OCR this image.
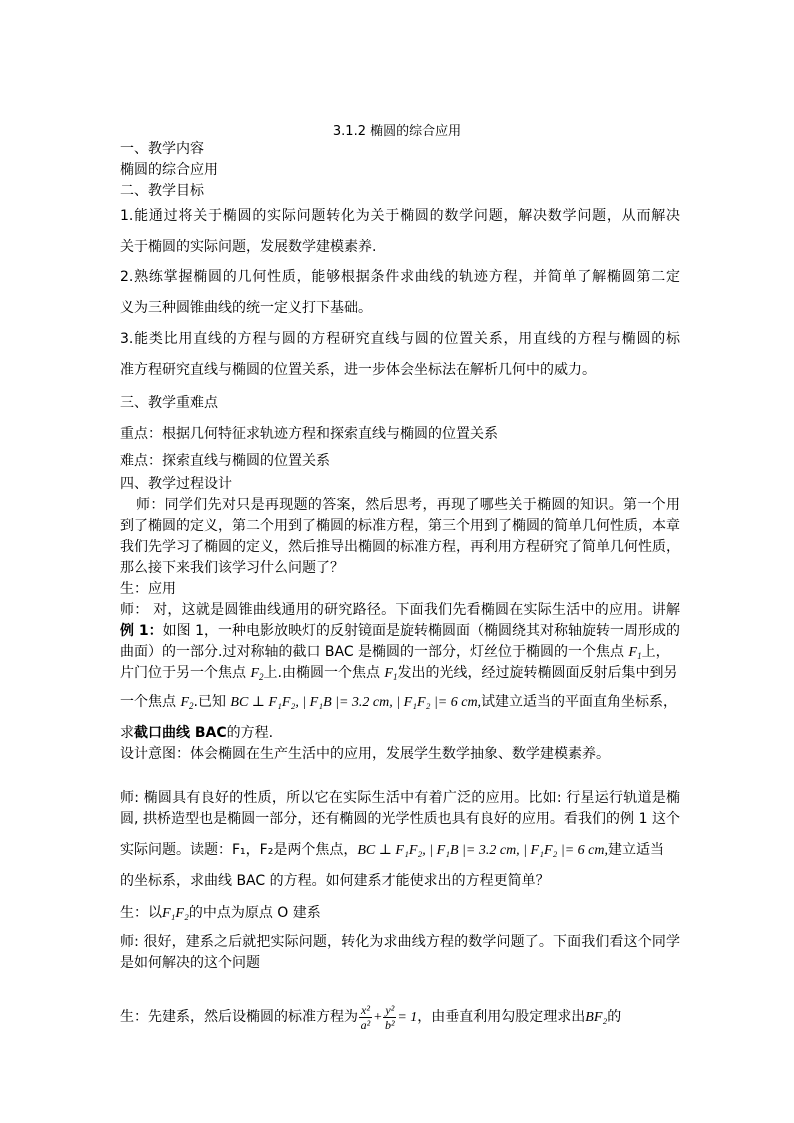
3.1.2 椭圆的综合应用
一、教学内容
椭圆的综合应用
二、教学目标
1.能通过将关于椭圆的实际问题转化为关于椭圆的数学问题，解决数学问题，从而解决
关于椭圆的实际问题，发展数学建模素养.
2.熟练掌握椭圆的几何性质，能够根据条件求曲线的轨迹方程，并简单了解椭圆第二定
义为三种圆锥曲线的统一定义打下基础。
3.能类比用直线的方程与圆的方程研究直线与圆的位置关系，用直线的方程与椭圆的标
准方程研究直线与椭圆的位置关系，进一步体会坐标法在解析几何中的威力。
三、教学重难点
重点：根据几何特征求轨迹方程和探索直线与椭圆的位置关系
难点：探索直线与椭圆的位置关系
四、教学过程设计
师：同学们先对只是再现题的答案，然后思考，再现了哪些关于椭圆的知识。第一个用
到了椭圆的定义，第二个用到了椭圆的标准方程，第三个用到了椭圆的简单几何性质，本章
我们先学习了椭圆的定义，然后推导出椭圆的标准方程，再利用方程研究了简单几何性质，
那么接下来我们该学习什么问题了？
生：应用
师： 对，这就是圆锥曲线通用的研究路径。下面我们先看椭圆在实际生活中的应用。讲解
例 1：如图 1，一种电影放映灯的反射镜面是旋转椭圆面（椭圆绕其对称轴旋转一周形成的
曲面）的一部分.过对称轴的截口 BAC 是椭圆的一部分，灯丝位于椭圆的一个焦点 $F_1$上，
片门位于另一个焦点 $F_2$上.由椭圆一个焦点 $F_1$发出的光线，经过旋转椭圆面反射后集中到另
一个焦点 $F_2$.已知 BC ⊥ F₁F₂, | F₁B |= 3.2 cm, | F₁F₂ |= 6 cm,试建立适当的平面直角坐标系，
求截口曲线 BAC的方程.
设计意图：体会椭圆在生产生活中的应用，发展学生数学抽象、数学建模素养。
师: 椭圆具有良好的性质，所以它在实际生活中有着广泛的应用。比如: 行星运行轨道是椭
圆, 拱桥造型也是椭圆一部分，还有椭圆的光学性质也具有良好的应用。看我们的例 1 这个
实际问题。读题：F₁，F₂是两个焦点，BC ⊥ F₁F₂, | F₁B |= 3.2 cm, | F₁F₂ |= 6 cm,建立适当
的坐标系，求曲线 BAC 的方程。如何建系才能使求出的方程更简单？
生：以F₁F₂的中点为原点 O 建系
师: 很好，建系之后就把实际问题，转化为求曲线方程的数学问题了。下面我们看这个同学
是如何解决的这个问题
生：先建系，然后设椭圆的标准方程为 $\frac{\text{x²}}{\text{a²}} + \frac{\text{y²}}{\text{b²}} = 1$，由垂直利用勾股定理求出BF₂的
